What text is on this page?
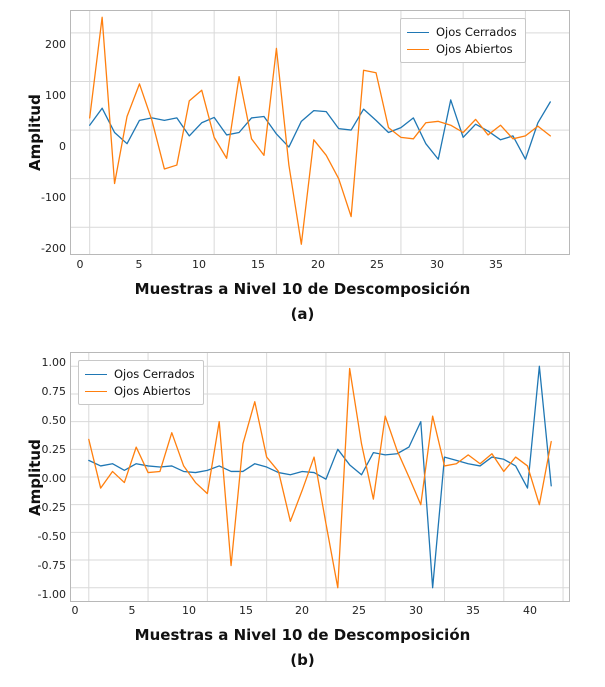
Amplitud
200
100
0
-100
-200
0	5	10	15	20	25	30	35
Ojos Cerrados
Ojos Abiertos
Muestras a Nivel 10 de Descomposición
(a)
Amplitud
1.00
0.75
0.50
0.25
0.00
-0.25
-0.50
-0.75
-1.00
0	5	10	15	20	25	30	35	40
Ojos Cerrados
Ojos Abiertos
Muestras a Nivel 10 de Descomposición
(b)
